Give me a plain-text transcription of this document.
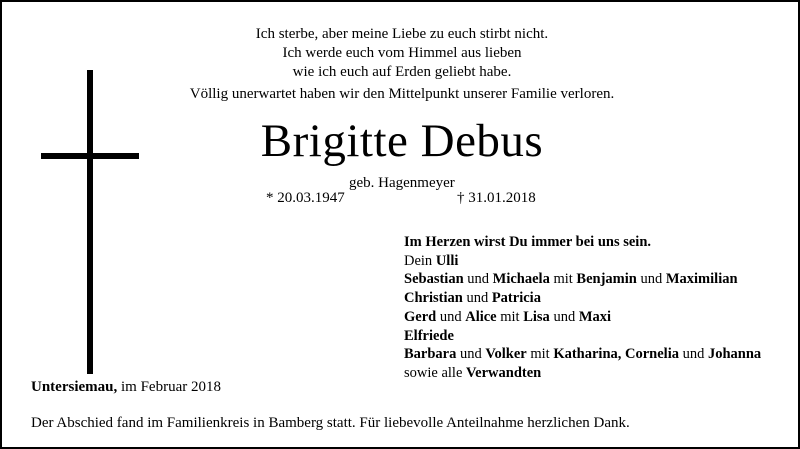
Ich sterbe, aber meine Liebe zu euch stirbt nicht.
Ich werde euch vom Himmel aus lieben
wie ich euch auf Erden geliebt habe.
Völlig unerwartet haben wir den Mittelpunkt unserer Familie verloren.
Brigitte Debus
geb. Hagenmeyer
* 20.03.1947	† 31.01.2018
Im Herzen wirst Du immer bei uns sein.
Dein Ulli
Sebastian und Michaela mit Benjamin und Maximilian
Christian und Patricia
Gerd und Alice mit Lisa und Maxi
Elfriede
Barbara und Volker mit Katharina, Cornelia und Johanna
sowie alle Verwandten
Untersiemau, im Februar 2018
Der Abschied fand im Familienkreis in Bamberg statt. Für liebevolle Anteilnahme herzlichen Dank.
